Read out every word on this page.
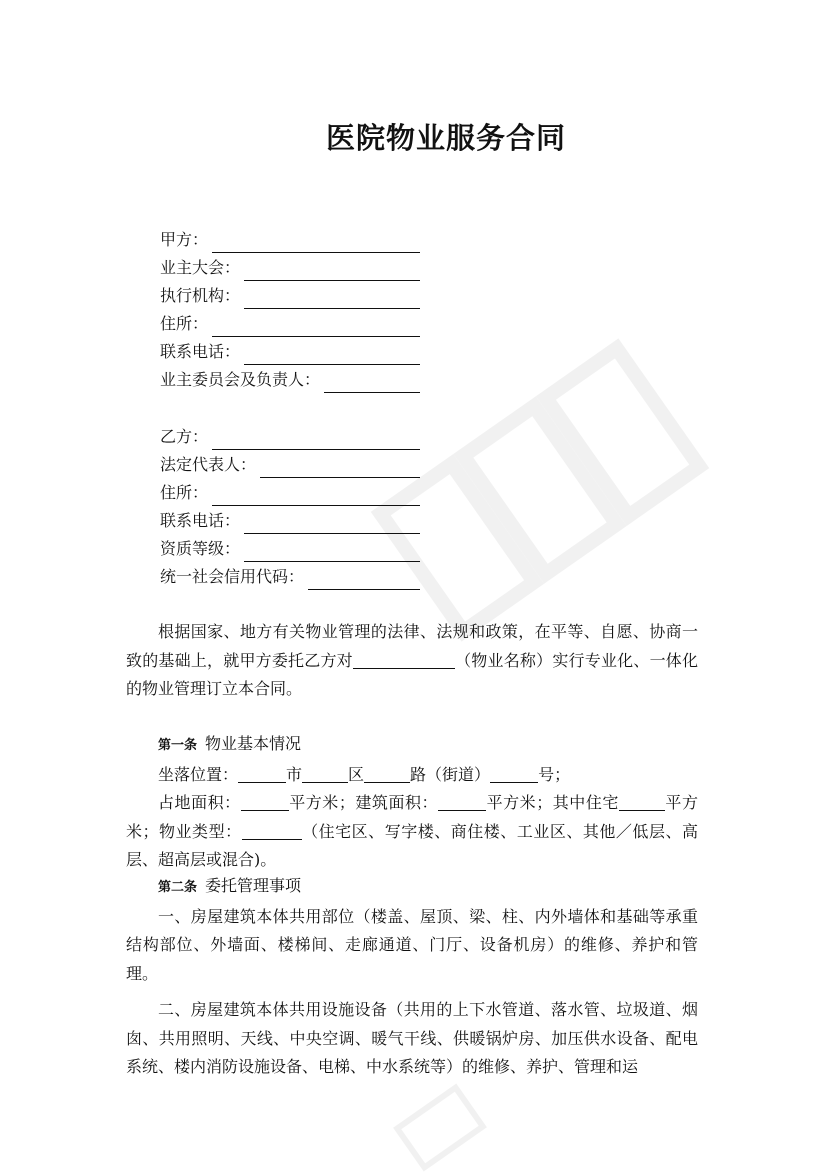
医院物业服务合同
甲方：
业主大会：
执行机构：
住所：
联系电话：
业主委员会及负责人：
乙方：
法定代表人：
住所：
联系电话：
资质等级：
统一社会信用代码：

根据国家、地方有关物业管理的法律、法规和政策，在平等、自愿、协商一致的基础上，就甲方委托乙方对	（物业名称）实行专业化、一体化的物业管理订立本合同。

第一条 物业基本情况

坐落位置：	市	区	路（街道）	号；

占地面积：	平方米；建筑面积：	平方米；其中住宅	平方米；物业类型：	（住宅区、写字楼、商住楼、工业区、其他／低层、高层、超高层或混合)。

第二条 委托管理事项

一、房屋建筑本体共用部位（楼盖、屋顶、梁、柱、内外墙体和基础等承重结构部位、外墙面、楼梯间、走廊通道、门厅、设备机房）的维修、养护和管理。

二、房屋建筑本体共用设施设备（共用的上下水管道、落水管、垃圾道、烟囱、共用照明、天线、中央空调、暖气干线、供暖锅炉房、加压供水设备、配电系统、楼内消防设施设备、电梯、中水系统等）的维修、养护、管理和运
